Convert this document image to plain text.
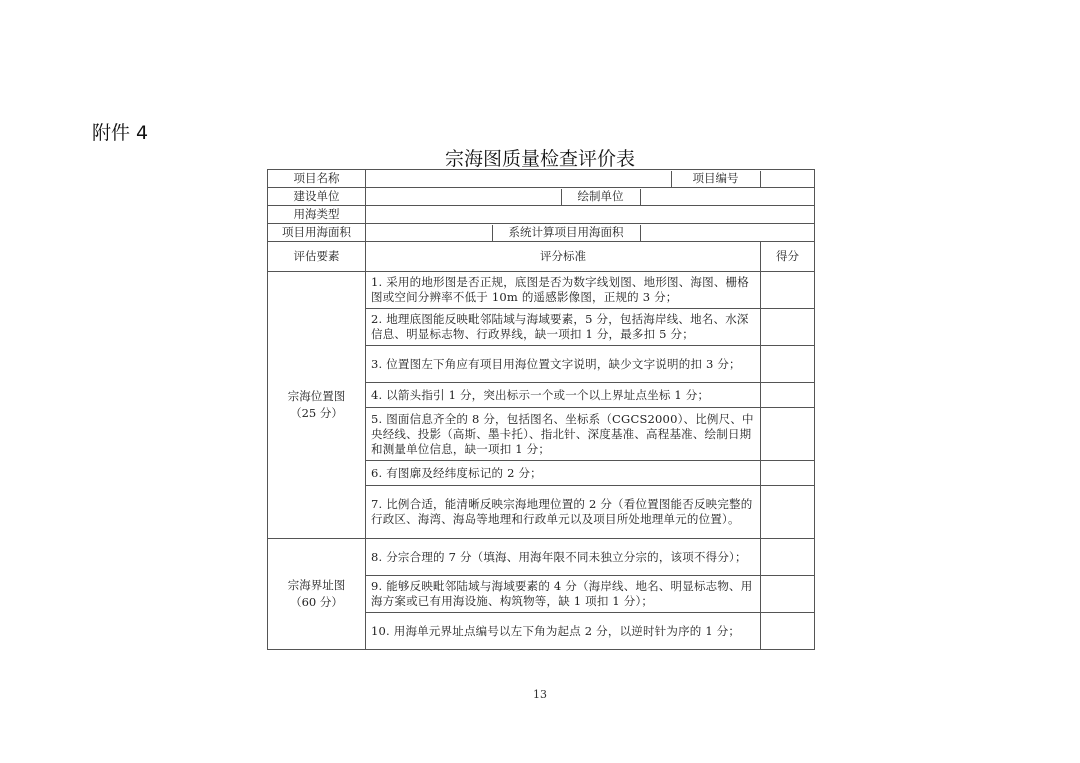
附件 4
宗海图质量检查评价表
项目名称	
		项目编号	

建设单位	
		绘制单位	

用海类型	
项目用海面积	
		系统计算项目用海面积	

评估要素	评分标准	得分

宗海位置图
（25 分）
	1. 采用的地形图是否正规，底图是否为数字线划图、地形图、海图、栅格图或空间分辨率不低于 10m 的遥感影像图，正规的 3 分；	
2. 地理底图能反映毗邻陆域与海域要素，5 分，包括海岸线、地名、水深信息、明显标志物、行政界线，缺一项扣 1 分，最多扣 5 分；	
3. 位置图左下角应有项目用海位置文字说明，缺少文字说明的扣 3 分；	
4. 以箭头指引 1 分，突出标示一个或一个以上界址点坐标 1 分；	
5. 图面信息齐全的 8 分，包括图名、坐标系（CGCS2000）、比例尺、中央经线、投影（高斯、墨卡托）、指北针、深度基准、高程基准、绘制日期和测量单位信息，缺一项扣 1 分；	
6. 有图廓及经纬度标记的 2 分；	
7. 比例合适，能清晰反映宗海地理位置的 2 分（看位置图能否反映完整的行政区、海湾、海岛等地理和行政单元以及项目所处地理单元的位置）。	

宗海界址图
（60 分）
	8. 分宗合理的 7 分（填海、用海年限不同未独立分宗的，该项不得分）；	
9. 能够反映毗邻陆域与海域要素的 4 分（海岸线、地名、明显标志物、用海方案或已有用海设施、构筑物等，缺 1 项扣 1 分）；	
10. 用海单元界址点编号以左下角为起点 2 分，以逆时针为序的 1 分；	
13
